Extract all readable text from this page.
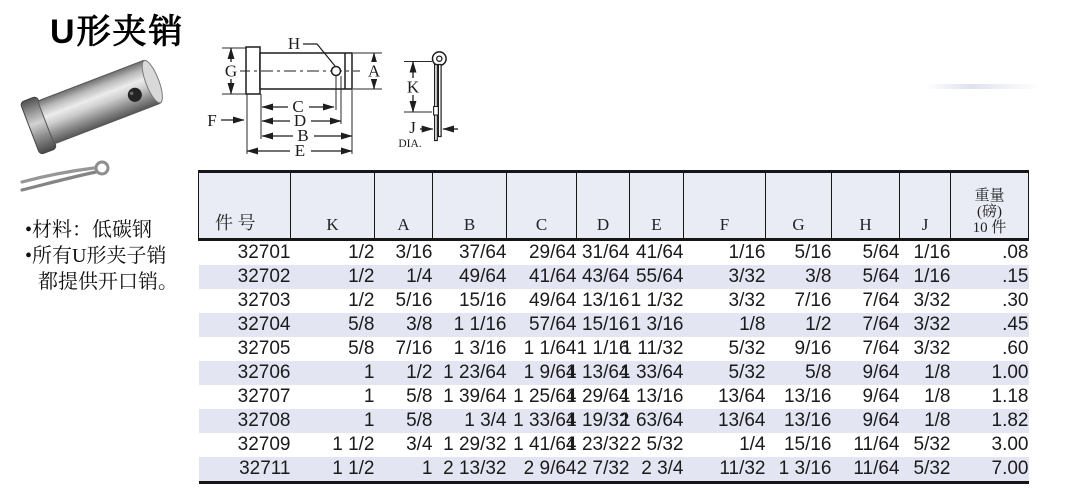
U形夹销	H
G	A
C
D
B
E
F
K
J
DIA.
•材料：低碳钢
•所有U形夹子销
都提供开口销。
件 号	K	A	B	C	D	E	F	G	H	J	重量
(磅)
10 件

32701	1/2	3/16	37/64	29/64	31/64	41/64	1/16	5/16	5/64	1/16	.08

32702	1/2	1/4	49/64	41/64	43/64	55/64	3/32	3/8	5/64	1/16	.15

32703	1/2	5/16	15/16	49/64	13/16	1 1/32	3/32	7/16	7/64	3/32	.30

32704	5/8	3/8	1 1/16	57/64	15/16	1 3/16	1/8	1/2	7/64	3/32	.45

32705	5/8	7/16	1 3/16	1 1/64	1 1/16	1 11/32	5/32	9/16	7/64	3/32	.60

32706	1	1/2	1 23/64	1 9/64	1 13/64	1 33/64	5/32	5/8	9/64	1/8	1.00

32707	1	5/8	1 39/64	1 25/64	1 29/64	1 13/16	13/64	13/16	9/64	1/8	1.18

32708	1	5/8	1 3/4	1 33/64	1 19/32	1 63/64	13/64	13/16	9/64	1/8	1.82

32709	1 1/2	3/4	1 29/32	1 41/64	1 23/32	2 5/32	1/4	15/16	11/64	5/32	3.00

32711	1 1/2	1	2 13/32	2 9/64	2 7/32	2 3/4	11/32	1 3/16	11/64	5/32	7.00
